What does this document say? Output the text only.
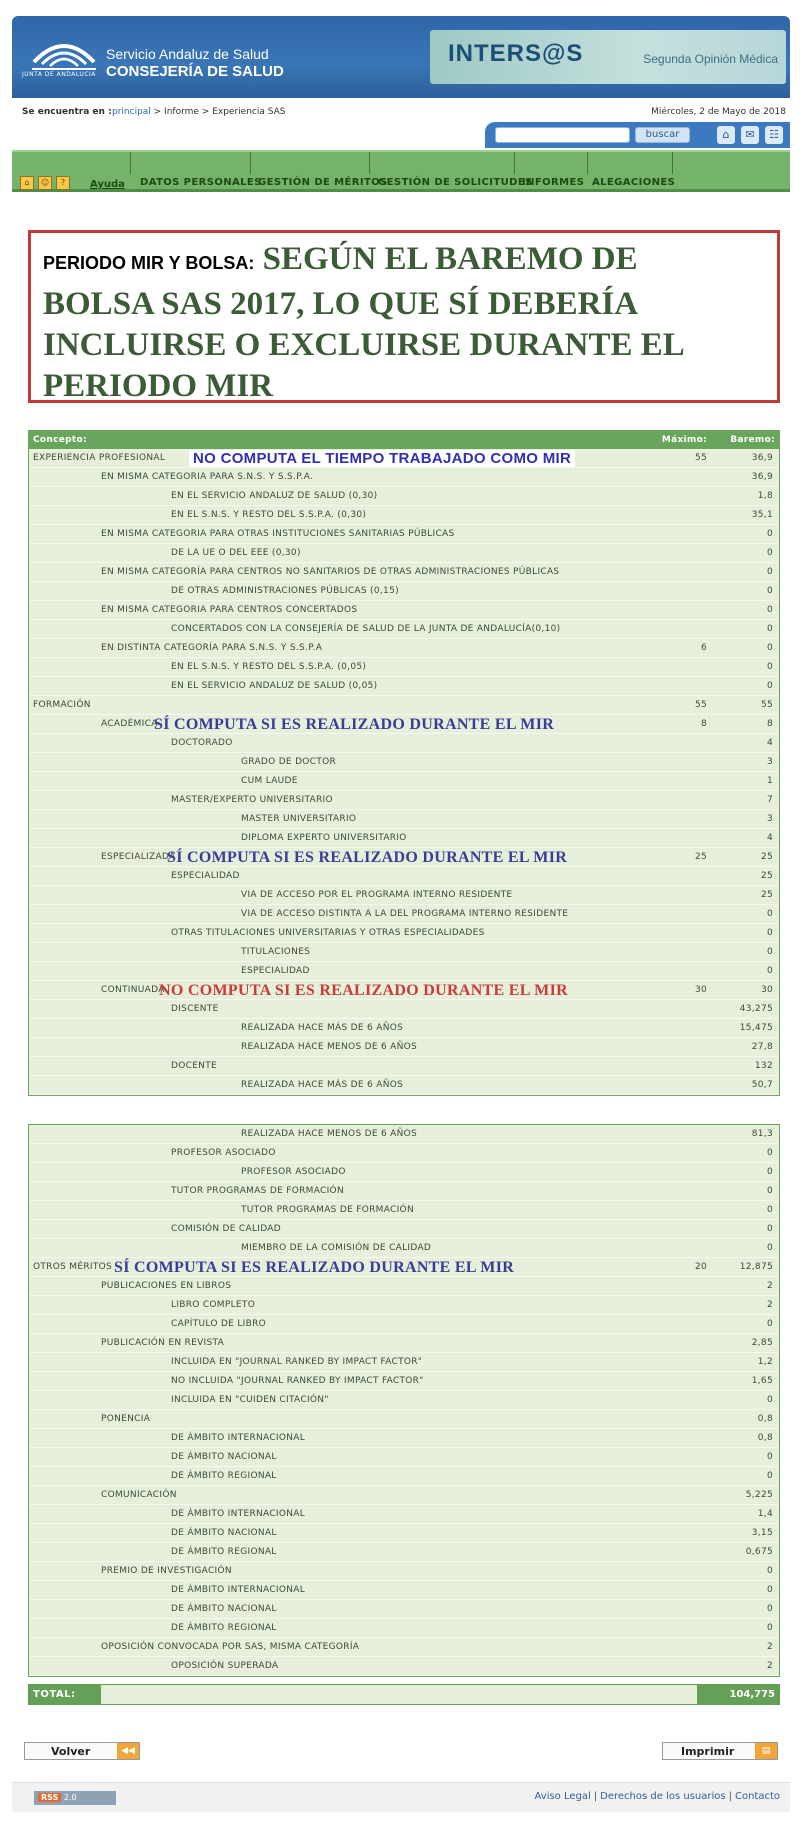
JUNTA DE ANDALUCIA
Servicio Andaluz de Salud
CONSEJERÍA DE SALUD
INTERS@S	Segunda Opinión Médica
Se encuentra en : principal > Informe > Experiencia SAS	Miércoles, 2 de Mayo de 2018
buscar	⌂	✉	☷
⌂	☺	?	Ayuda DATOS PERSONALES
GESTIÓN DE MÉRITOS
GESTIÓN DE SOLICITUDES
INFORMES ALEGACIONES
PERIODO MIR Y BOLSA: SEGÚN EL BAREMO DE
BOLSA SAS 2017, LO QUE SÍ DEBERÍA
INCLUIRSE O EXCLUIRSE DURANTE EL
PERIODO MIR
Concepto:	Máximo:	Baremo:
EXPERIENCIA PROFESIONAL	55	36,9
NO COMPUTA EL TIEMPO TRABAJADO COMO MIR
EN MISMA CATEGORIA PARA S.N.S. Y S.S.P.A.	36,9
EN EL SERVICIO ANDALUZ DE SALUD (0,30)	1,8
EN EL S.N.S. Y RESTO DEL S.S.P.A. (0,30)	35,1
EN MISMA CATEGORIA PARA OTRAS INSTITUCIONES SANITARIAS PÚBLICAS	0
DE LA UE O DEL EEE (0,30)	0
EN MISMA CATEGORÍA PARA CENTROS NO SANITARIOS DE OTRAS ADMINISTRACIONES PÚBLICAS	0
DE OTRAS ADMINISTRACIONES PÚBLICAS (0,15)	0
EN MISMA CATEGORIA PARA CENTROS CONCERTADOS	0
CONCERTADOS CON LA CONSEJERÍA DE SALUD DE LA JUNTA DE ANDALUCÍA(0,10)	0
EN DISTINTA CATEGORÍA PARA S.N.S. Y S.S.P.A	6	0
EN EL S.N.S. Y RESTO DEL S.S.P.A. (0,05)	0
EN EL SERVICIO ANDALUZ DE SALUD (0,05)	0
FORMACIÓN	55	55
ACADÉMICA	8	8
SÍ COMPUTA SI ES REALIZADO DURANTE EL MIR
DOCTORADO	4
GRADO DE DOCTOR	3
CUM LAUDE	1
MASTER/EXPERTO UNIVERSITARIO	7
MASTER UNIVERSITARIO	3
DIPLOMA EXPERTO UNIVERSITARIO	4
ESPECIALIZADA	25	25
SÍ COMPUTA SI ES REALIZADO DURANTE EL MIR
ESPECIALIDAD	25
VIA DE ACCESO POR EL PROGRAMA INTERNO RESIDENTE	25
VIA DE ACCESO DISTINTA A LA DEL PROGRAMA INTERNO RESIDENTE	0
OTRAS TITULACIONES UNIVERSITARIAS Y OTRAS ESPECIALIDADES	0
TITULACIONES	0
ESPECIALIDAD	0
CONTINUADA	30	30
NO COMPUTA SI ES REALIZADO DURANTE EL MIR
DISCENTE	43,275
REALIZADA HACE MÁS DE 6 AÑOS	15,475
REALIZADA HACE MENOS DE 6 AÑOS	27,8
DOCENTE	132
REALIZADA HACE MÁS DE 6 AÑOS	50,7
REALIZADA HACE MENOS DE 6 AÑOS	81,3
PROFESOR ASOCIADO	0
PROFESOR ASOCIADO	0
TUTOR PROGRAMAS DE FORMACIÓN	0
TUTOR PROGRAMAS DE FORMACIÓN	0
COMISIÓN DE CALIDAD	0
MIEMBRO DE LA COMISIÓN DE CALIDAD	0
OTROS MÉRITOS	20	12,875
SÍ COMPUTA SI ES REALIZADO DURANTE EL MIR
PUBLICACIONES EN LIBROS	2
LIBRO COMPLETO	2
CAPÍTULO DE LIBRO	0
PUBLICACIÓN EN REVISTA	2,85
INCLUIDA EN "JOURNAL RANKED BY IMPACT FACTOR"	1,2
NO INCLUIDA "JOURNAL RANKED BY IMPACT FACTOR"	1,65
INCLUIDA EN "CUIDEN CITACIÓN"	0
PONENCIA	0,8
DE ÁMBITO INTERNACIONAL	0,8
DE ÁMBITO NACIONAL	0
DE ÁMBITO REGIONAL	0
COMUNICACIÓN	5,225
DE ÁMBITO INTERNACIONAL	1,4
DE ÁMBITO NACIONAL	3,15
DE ÁMBITO REGIONAL	0,675
PREMIO DE INVESTIGACIÓN	0
DE ÁMBITO INTERNACIONAL	0
DE ÁMBITO NACIONAL	0
DE ÁMBITO REGIONAL	0
OPOSICIÓN CONVOCADA POR SAS, MISMA CATEGORÍA	2
OPOSICIÓN SUPERADA	2
TOTAL:	104,775
Volver	◀◀	Imprimir	▤
RSS 2.0	Aviso Legal | Derechos de los usuarios | Contacto
